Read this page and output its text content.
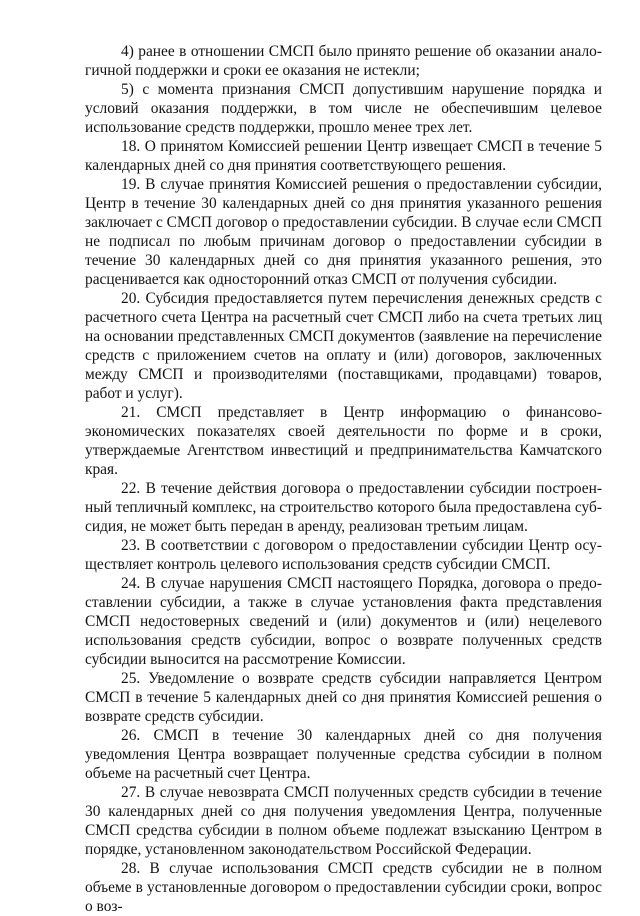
4) ранее в отношении СМСП было принято решение об оказании аналогичной поддержки и сроки ее оказания не истекли;

5) с момента признания СМСП допустившим нарушение порядка и условий оказания поддержки, в том числе не обеспечившим целевое использование средств поддержки, прошло менее трех лет.

18. О принятом Комиссией решении Центр извещает СМСП в течение 5 календарных дней со дня принятия соответствующего решения.

19. В случае принятия Комиссией решения о предоставлении субсидии, Центр в течение 30 календарных дней со дня принятия указанного решения заключает с СМСП договор о предоставлении субсидии. В случае если СМСП не подписал по любым причинам договор о предоставлении субсидии в течение 30 календарных дней со дня принятия указанного решения, это расценивается как односторонний отказ СМСП от получения субсидии.

20. Субсидия предоставляется путем перечисления денежных средств с расчетного счета Центра на расчетный счет СМСП либо на счета третьих лиц на основании представленных СМСП документов (заявление на перечисление средств с приложением счетов на оплату и (или) договоров, заключенных между СМСП и производителями (поставщиками, продавцами) товаров, работ и услуг).

21. СМСП представляет в Центр информацию о финансово-экономических показателях своей деятельности по форме и в сроки, утверждаемые Агентством инвестиций и предпринимательства Камчатского края.

22. В течение действия договора о предоставлении субсидии построенный тепличный комплекс, на строительство которого была предоставлена субсидия, не может быть передан в аренду, реализован третьим лицам.

23. В соответствии с договором о предоставлении субсидии Центр осуществляет контроль целевого использования средств субсидии СМСП.

24. В случае нарушения СМСП настоящего Порядка, договора о предоставлении субсидии, а также в случае установления факта представления СМСП недостоверных сведений и (или) документов и (или) нецелевого использования средств субсидии, вопрос о возврате полученных средств субсидии выносится на рассмотрение Комиссии.

25. Уведомление о возврате средств субсидии направляется Центром СМСП в течение 5 календарных дней со дня принятия Комиссией решения о возврате средств субсидии.

26. СМСП в течение 30 календарных дней со дня получения уведомления Центра возвращает полученные средства субсидии в полном объеме на расчетный счет Центра.

27. В случае невозврата СМСП полученных средств субсидии в течение 30 календарных дней со дня получения уведомления Центра, полученные СМСП средства субсидии в полном объеме подлежат взысканию Центром в порядке, установленном законодательством Российской Федерации.

28. В случае использования СМСП средств субсидии не в полном объеме в установленные договором о предоставлении субсидии сроки, вопрос о воз-
